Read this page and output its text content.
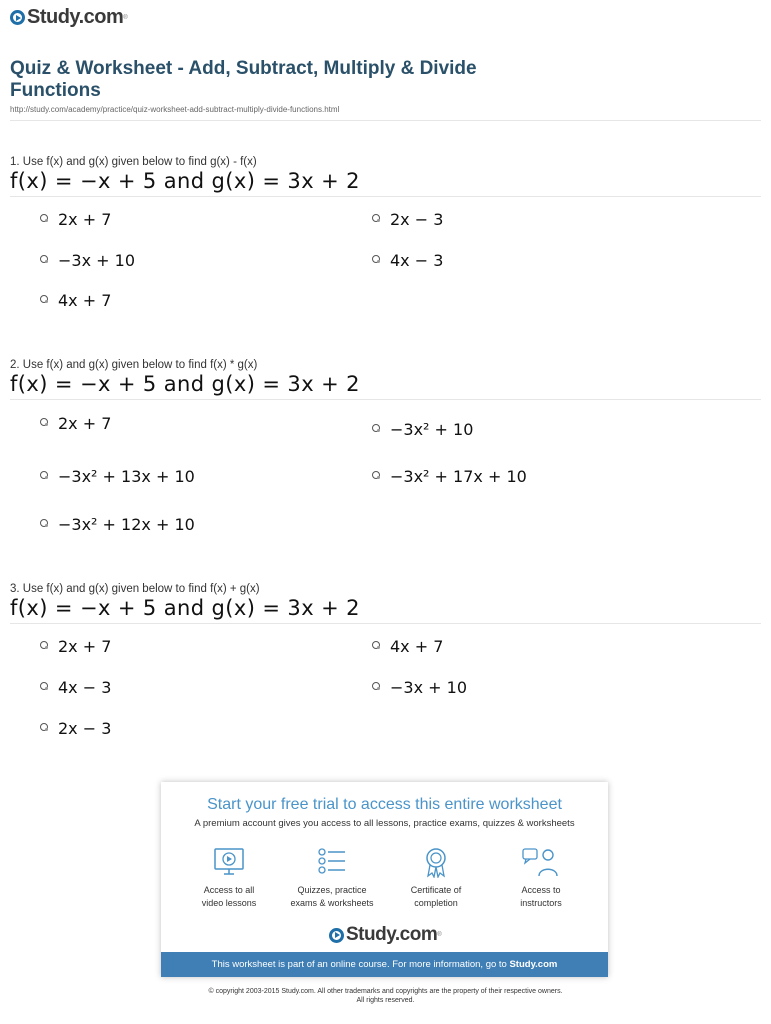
Study.com ®
Quiz & Worksheet - Add, Subtract, Multiply & Divide Functions
http://study.com/academy/practice/quiz-worksheet-add-subtract-multiply-divide-functions.html
1. Use f(x) and g(x) given below to find g(x) - f(x)
f(x) = −x + 5 and g(x) = 3x + 2
2x + 7	2x − 3
−3x + 10	4x − 3
4x + 7
2. Use f(x) and g(x) given below to find f(x) * g(x)
f(x) = −x + 5 and g(x) = 3x + 2
2x + 7	−3x² + 10
−3x² + 13x + 10	−3x² + 17x + 10
−3x² + 12x + 10
3. Use f(x) and g(x) given below to find f(x) + g(x)
f(x) = −x + 5 and g(x) = 3x + 2
2x + 7	4x + 7
4x − 3	−3x + 10
2x − 3
Start your free trial to access this entire worksheet
A premium account gives you access to all lessons, practice exams, quizzes & worksheets
Access to all
video lessons
Quizzes, practice
exams & worksheets
Certificate of
completion
Access to
instructors
Study.com ®
This worksheet is part of an online course. For more information, go to Study.com
© copyright 2003-2015 Study.com. All other trademarks and copyrights are the property of their respective owners.
All rights reserved.
